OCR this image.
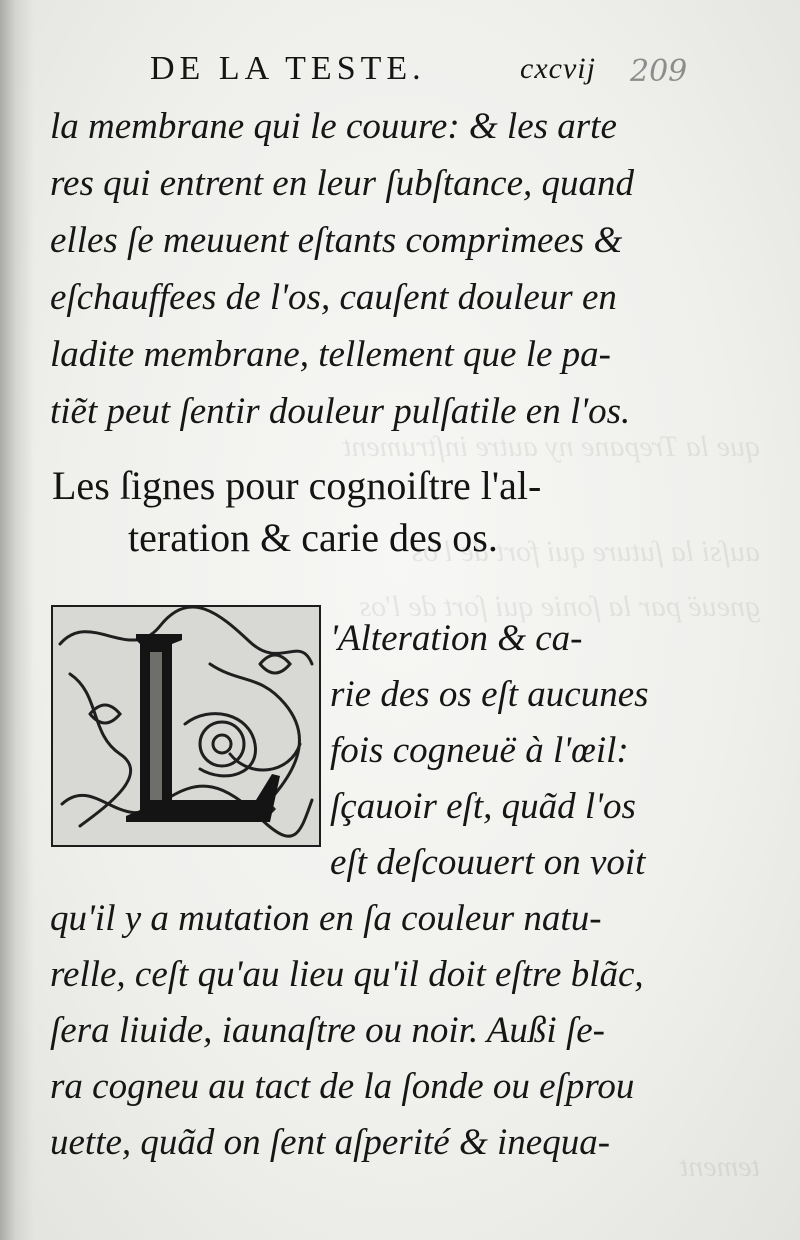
que la Trepane ny autre inſtrument
auſsi la ſuture qui fort de l'os
gneuë par la ſonie qui ſort de l'os
tement
DE LA TESTE.	cxcvij 209
la membrane qui le couure: & les arte
res qui entrent en leur ſubſtance, quand
elles ſe meuuent eſtants comprimees &
eſchauffees de l'os, cauſent douleur en
ladite membrane, tellement que le pa-
tiẽt peut ſentir douleur pulſatile en l'os.
Les ſignes pour cognoiſtre l'al-
teration & carie des os.
L
'Alteration & ca-
rie des os eſt aucunes
fois cogneuë à l'œil:
ſçauoir eſt, quãd l'os
eſt deſcouuert on voit
qu'il y a mutation en ſa couleur natu-
relle, ceſt qu'au lieu qu'il doit eſtre blãc,
ſera liuide, iaunaſtre ou noir. Außi ſe-
ra cogneu au tact de la ſonde ou eſprou
uette, quãd on ſent aſperité & inequa-
